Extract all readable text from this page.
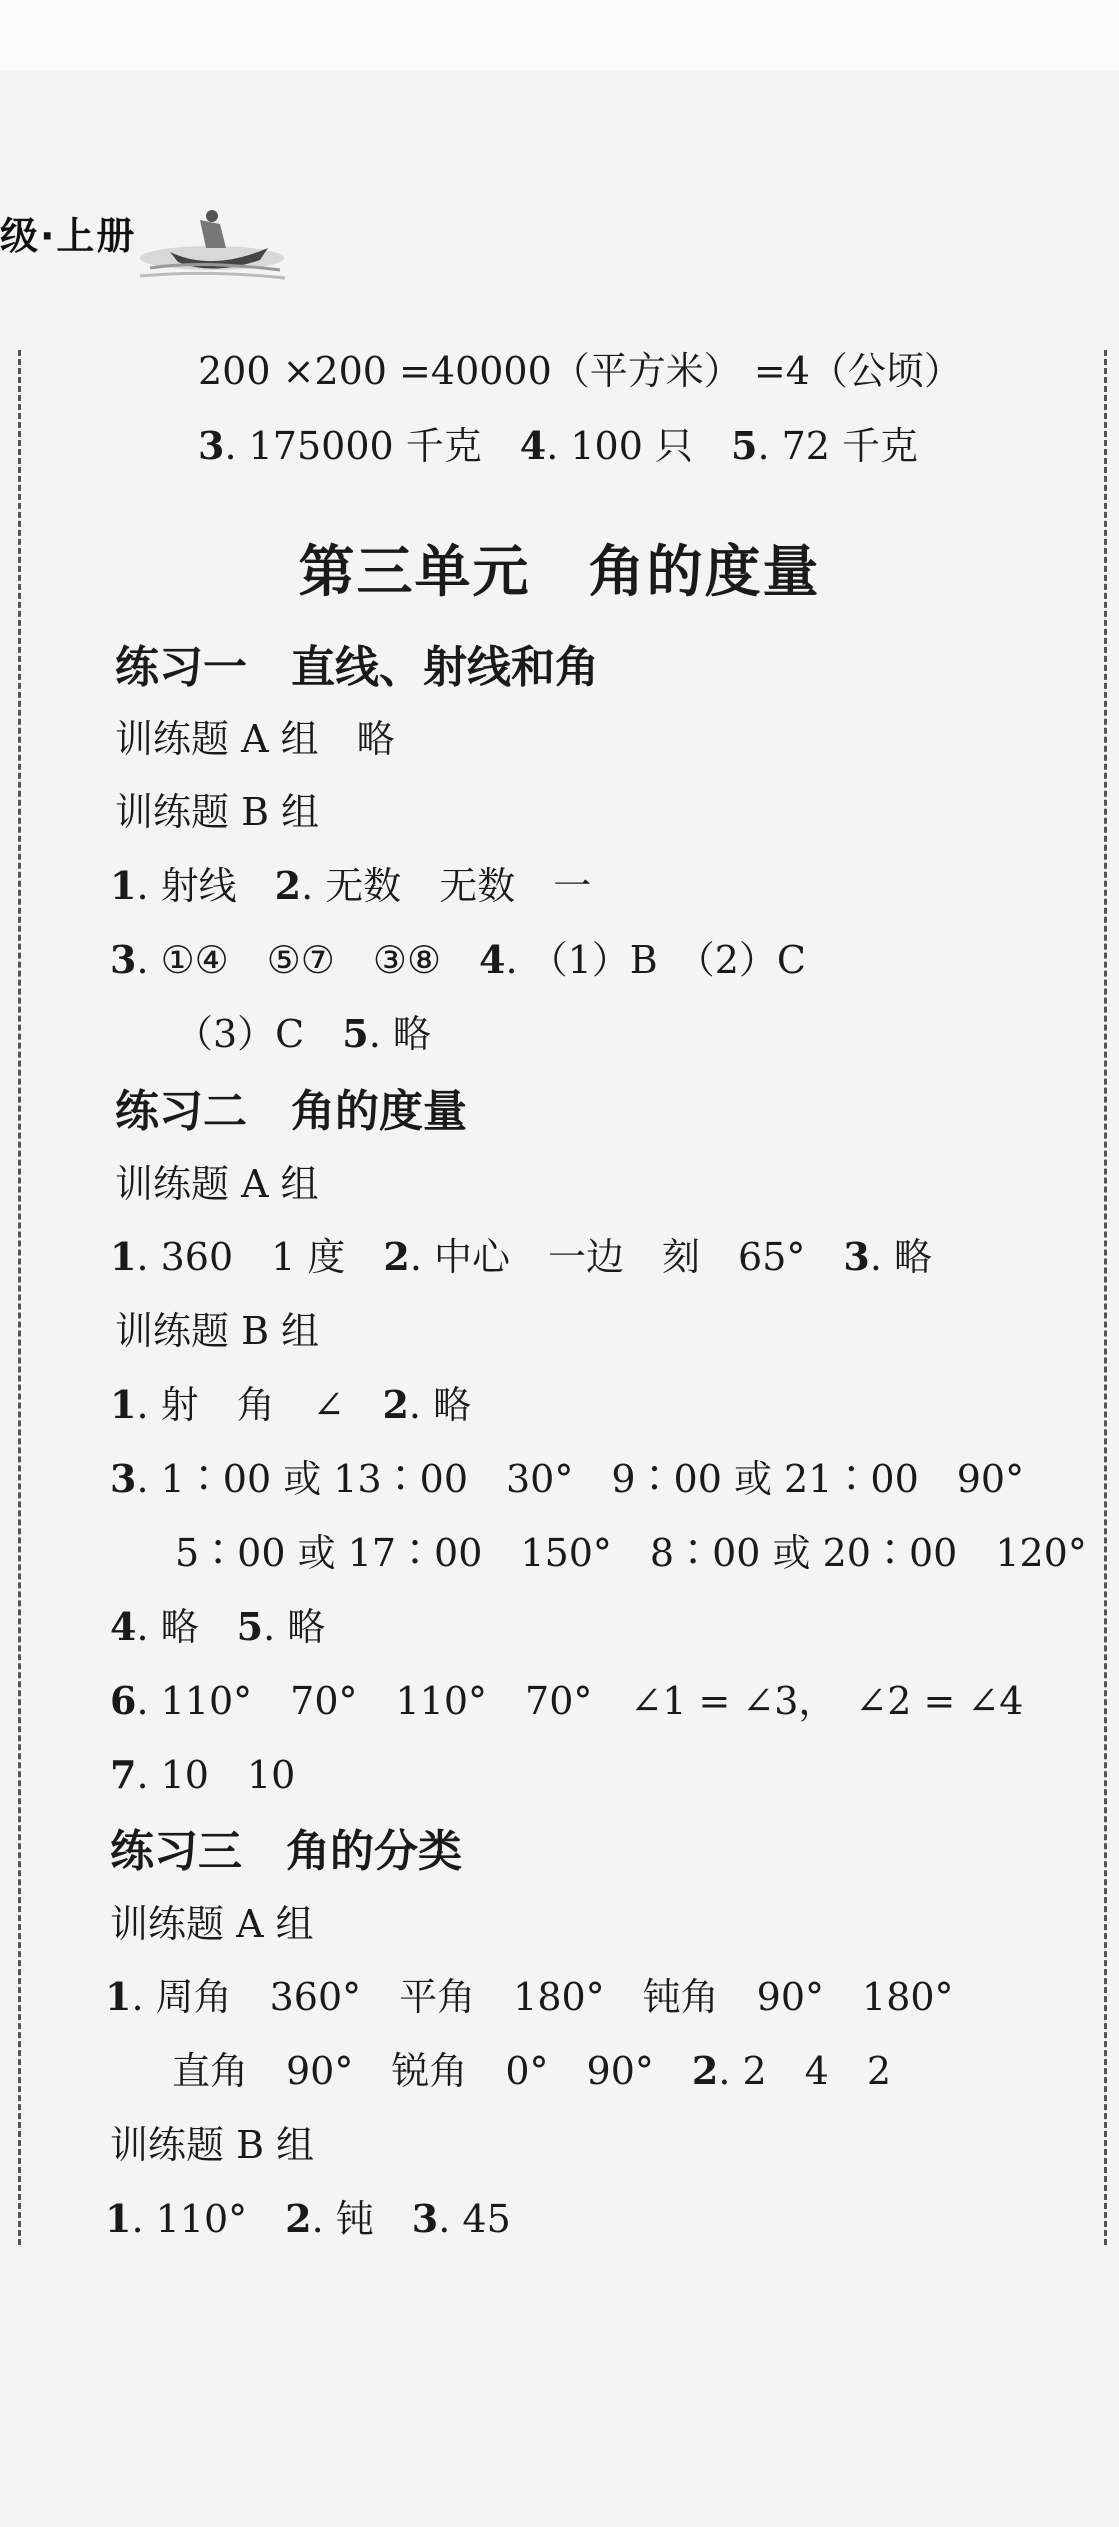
级·上册
200 ×200 =40000（平方米） =4（公顷）
3. 175000 千克　4. 100 只　5. 72 千克
第三单元　角的度量
练习一　直线、射线和角
训练题 A 组　略
训练题 B 组
1. 射线　2. 无数　无数　一
3. ①④　⑤⑦　③⑧　4. （1）B　（2）C
（3）C　5. 略
练习二　角的度量
训练题 A 组
1. 360　1 度　2. 中心　一边　刻　65°　3. 略
训练题 B 组
1. 射　角　∠　2. 略
3. 1∶00 或 13∶00　30°　9∶00 或 21∶00　90°
5∶00 或 17∶00　150°　8∶00 或 20∶00　120°
4. 略　5. 略
6. 110°　70°　110°　70°　∠1 = ∠3，　∠2 = ∠4
7. 10　10
练习三　角的分类
训练题 A 组
1. 周角　360°　平角　180°　钝角　90°　180°
直角　90°　锐角　0°　90°　2. 2　4　2
训练题 B 组
1. 110°　2. 钝　3. 45
